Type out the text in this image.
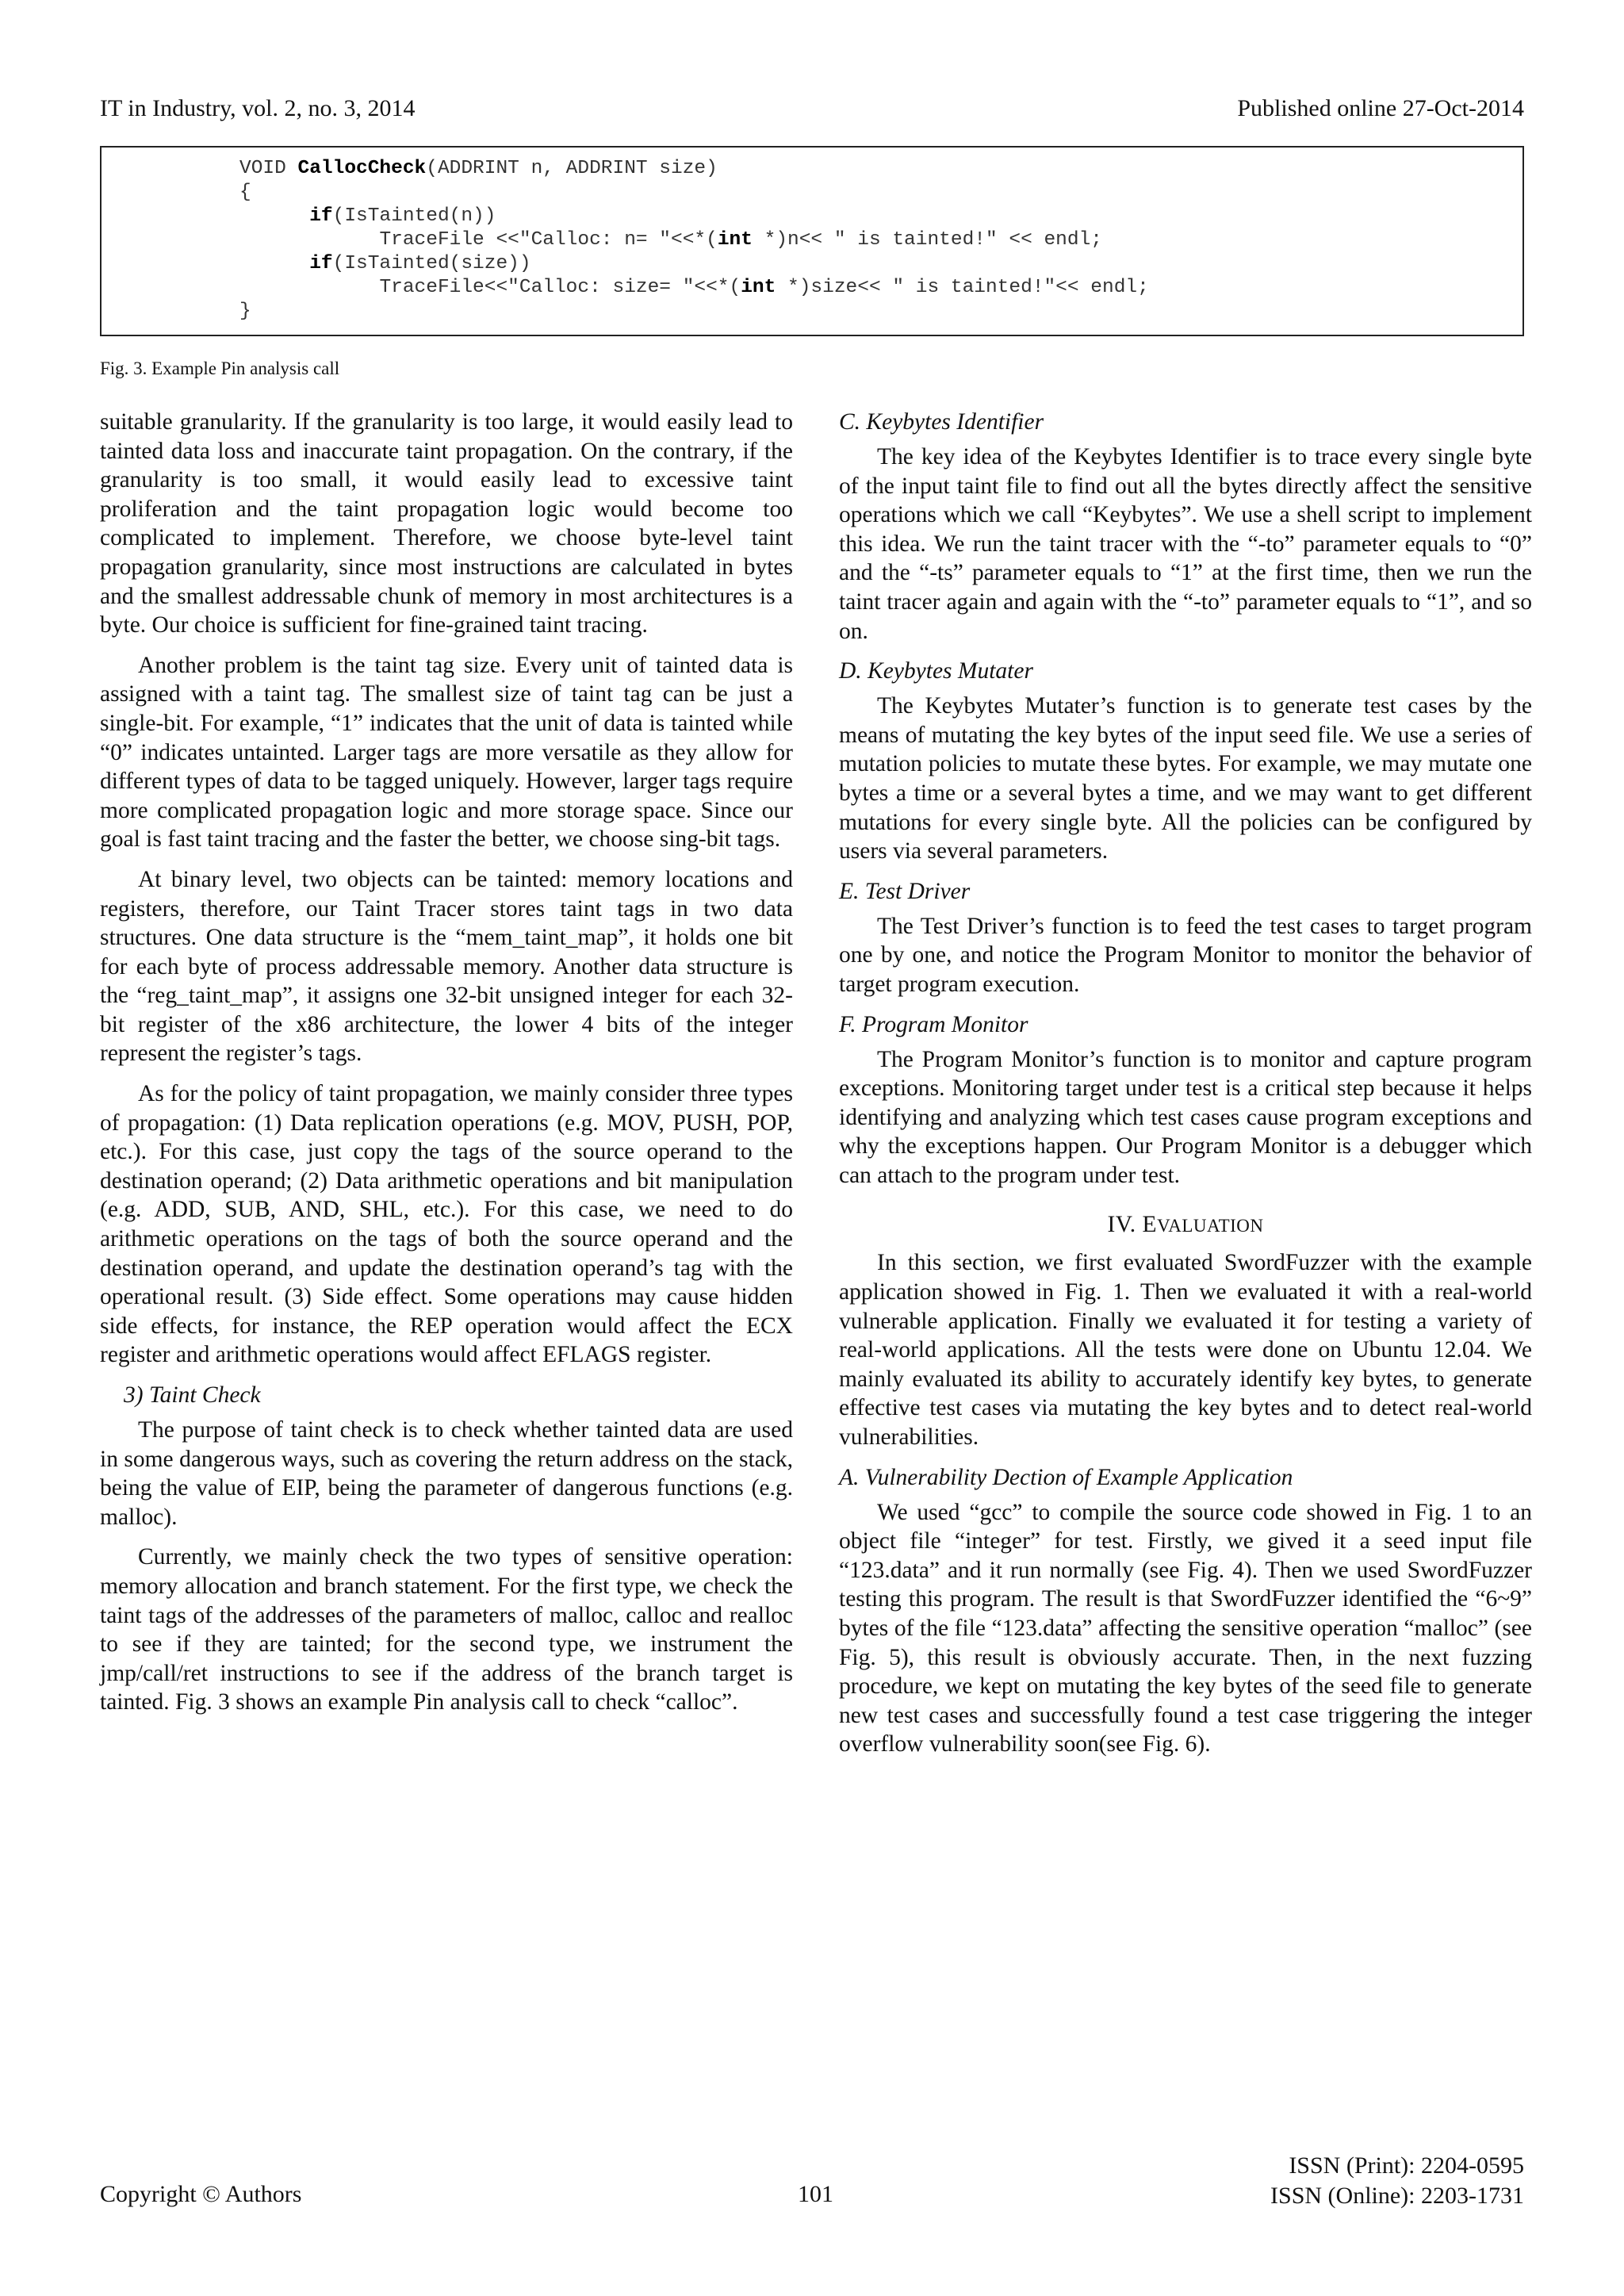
IT in Industry, vol. 2, no. 3, 2014	Published online 27-Oct-2014
VOID CallocCheck(ADDRINT n, ADDRINT size)
{
if(IsTainted(n))
TraceFile <<"Calloc: n= "<<*(int *)n<< " is tainted!" << endl;
if(IsTainted(size))
TraceFile<<"Calloc: size= "<<*(int *)size<< " is tainted!"<< endl;
}
Fig. 3. Example Pin analysis call

suitable granularity. If the granularity is too large, it would easily lead to tainted data loss and inaccurate taint propagation. On the contrary, if the granularity is too small, it would easily lead to excessive taint proliferation and the taint propagation logic would become too complicated to implement. Therefore, we choose byte-level taint propagation granularity, since most instructions are calculated in bytes and the smallest addressable chunk of memory in most architectures is a byte. Our choice is sufficient for fine-grained taint tracing.

Another problem is the taint tag size. Every unit of tainted data is assigned with a taint tag. The smallest size of taint tag can be just a single-bit. For example, “1” indicates that the unit of data is tainted while “0” indicates untainted. Larger tags are more versatile as they allow for different types of data to be tagged uniquely. However, larger tags require more complicated propagation logic and more storage space. Since our goal is fast taint tracing and the faster the better, we choose sing-bit tags.

At binary level, two objects can be tainted: memory locations and registers, therefore, our Taint Tracer stores taint tags in two data structures. One data structure is the “mem_taint_map”, it holds one bit for each byte of process addressable memory. Another data structure is the “reg_taint_map”, it assigns one 32-bit unsigned integer for each 32-bit register of the x86 architecture, the lower 4 bits of the integer represent the register’s tags.

As for the policy of taint propagation, we mainly consider three types of propagation: (1) Data replication operations (e.g. MOV, PUSH, POP, etc.). For this case, just copy the tags of the source operand to the destination operand; (2) Data arithmetic operations and bit manipulation (e.g. ADD, SUB, AND, SHL, etc.). For this case, we need to do arithmetic operations on the tags of both the source operand and the destination operand, and update the destination operand’s tag with the operational result. (3) Side effect. Some operations may cause hidden side effects, for instance, the REP operation would affect the ECX register and arithmetic operations would affect EFLAGS register.

3) Taint Check

The purpose of taint check is to check whether tainted data are used in some dangerous ways, such as covering the return address on the stack, being the value of EIP, being the parameter of dangerous functions (e.g. malloc).

Currently, we mainly check the two types of sensitive operation: memory allocation and branch statement. For the first type, we check the taint tags of the addresses of the parameters of malloc, calloc and realloc to see if they are tainted; for the second type, we instrument the jmp/call/ret instructions to see if the address of the branch target is tainted. Fig. 3 shows an example Pin analysis call to check “calloc”.

C. Keybytes Identifier

The key idea of the Keybytes Identifier is to trace every single byte of the input taint file to find out all the bytes directly affect the sensitive operations which we call “Keybytes”. We use a shell script to implement this idea. We run the taint tracer with the “-to” parameter equals to “0” and the “-ts” parameter equals to “1” at the first time, then we run the taint tracer again and again with the “-to” parameter equals to “1”, and so on.

D. Keybytes Mutater

The Keybytes Mutater’s function is to generate test cases by the means of mutating the key bytes of the input seed file. We use a series of mutation policies to mutate these bytes. For example, we may mutate one bytes a time or a several bytes a time, and we may want to get different mutations for every single byte. All the policies can be configured by users via several parameters.

E. Test Driver

The Test Driver’s function is to feed the test cases to target program one by one, and notice the Program Monitor to monitor the behavior of target program execution.

F. Program Monitor

The Program Monitor’s function is to monitor and capture program exceptions. Monitoring target under test is a critical step because it helps identifying and analyzing which test cases cause program exceptions and why the exceptions happen. Our Program Monitor is a debugger which can attach to the program under test.

IV. EVALUATION

In this section, we first evaluated SwordFuzzer with the example application showed in Fig. 1. Then we evaluated it with a real-world vulnerable application. Finally we evaluated it for testing a variety of real-world applications. All the tests were done on Ubuntu 12.04. We mainly evaluated its ability to accurately identify key bytes, to generate effective test cases via mutating the key bytes and to detect real-world vulnerabilities.

A. Vulnerability Dection of Example Application

We used “gcc” to compile the source code showed in Fig. 1 to an object file “integer” for test. Firstly, we gived it a seed input file “123.data” and it run normally (see Fig. 4). Then we used SwordFuzzer testing this program. The result is that SwordFuzzer identified the “6~9” bytes of the file “123.data” affecting the sensitive operation “malloc” (see Fig. 5), this result is obviously accurate. Then, in the next fuzzing procedure, we kept on mutating the key bytes of the seed file to generate new test cases and successfully found a test case triggering the integer overflow vulnerability soon(see Fig. 6).

Copyright © Authors	101
ISSN (Print): 2204-0595
ISSN (Online): 2203-1731
